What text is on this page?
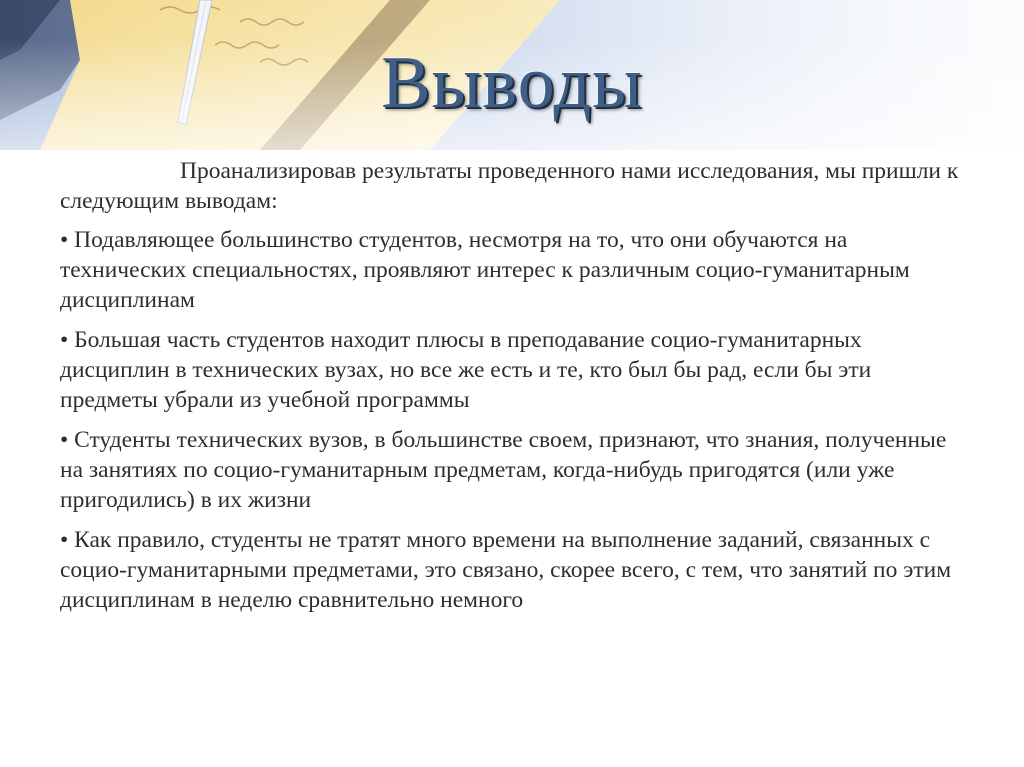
Выводы

Проанализировав результаты проведенного нами исследования, мы пришли к следующим выводам:

• Подавляющее большинство студентов, несмотря на то, что они обучаются на технических специальностях, проявляют интерес к различным социо-гуманитарным дисциплинам

• Большая часть студентов находит плюсы в преподавание социо-гуманитарных дисциплин в технических вузах, но все же есть и те, кто был бы рад, если бы эти предметы убрали из учебной программы

• Студенты технических вузов, в большинстве своем, признают, что знания, полученные на занятиях по социо-гуманитарным предметам, когда-нибудь пригодятся (или уже пригодились) в их жизни

• Как правило, студенты не тратят много времени на выполнение заданий, связанных с социо-гуманитарными предметами, это связано, скорее всего, с тем, что занятий по этим дисциплинам в неделю сравнительно немного
